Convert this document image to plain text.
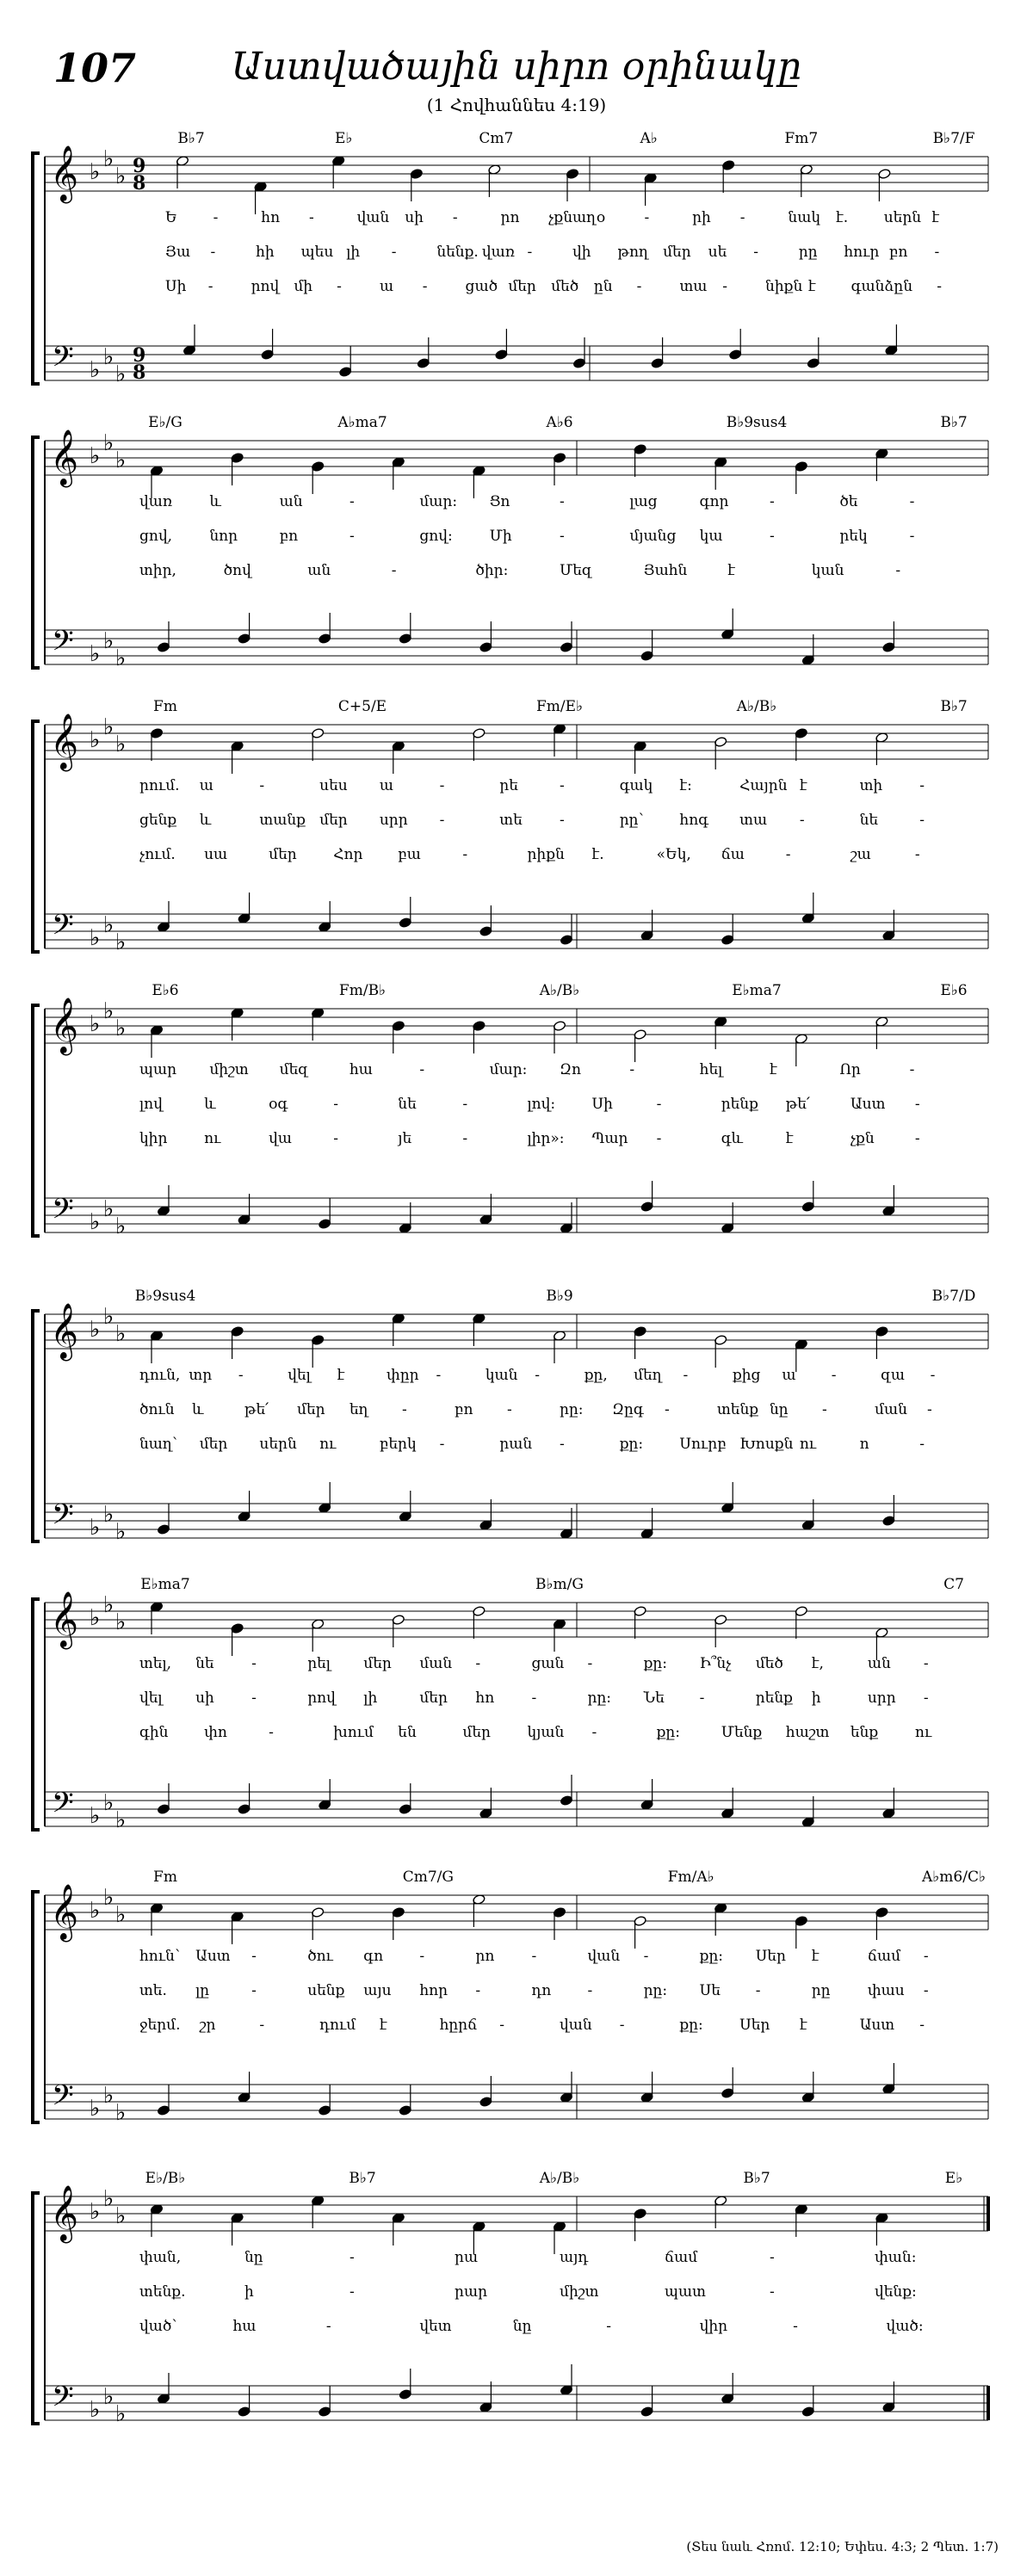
107	Աստվածային սիրո օրինակը
(1 Հովհաննես 4:19)
𝄞
𝄢
♭ ♭
♭
♭ ♭
♭
9
9
8
8
B♭7	E♭	Cm7	A♭	Fm7	B♭7/F
Ե -	հո -	վան սի -	րո չքնաղ օ	-	րի -	նակ է. սերն է
Յա -	հի պես լի -	նենք. վառ -	վի թող մեր սե -	րը հուր բո -
Սի -	րով մի -	ա -	ցած մեր մեծ ըն -	տա -	նիքն է գանձ ըն -
𝄞
𝄢
♭ ♭
♭
♭ ♭
♭
E♭/G	A♭ma7	A♭6	B♭9sus4	B♭7
վառ	և	ան	-	մար: Ցո	-	լաց	գոր	-	ծե	-
ցով,	նոր	բո	-	ցով:	Մի	-	մյանց կա	-	րեկ	-
տիր,	ծով	ան	-	ծիր:	Մեզ	Յահն	է	կան	-
𝄞
𝄢
♭ ♭
♭
♭ ♭
♭
Fm	C+5/E	Fm/E♭	A♭/B♭	B♭7
րում. ա	-	սես ա	-	րե	-	գակ է:	Հայրն է	տի	-
ցենք և	տանք մեր սրր -	տե	-	րը՝ հոգ տա -	նե	-
չում. սա	մեր Հոր բա	-	րիքն է.	«Եկ, ճա	-	շա	-
𝄞
𝄢
♭ ♭
♭
♭ ♭
♭
E♭6	Fm/B♭	A♭/B♭	E♭ma7	E♭6
պար միշտ մեզ	հա	-	մար: Զո	-	հել	է	Որ	-
լով	և	օգ	-	նե	-	լով: Սի	-	րենք թե՛	Աստ -
կիր	ու	վա	-	յե	-	լիր»: Պար -	գև	է	չքն	-
𝄞
𝄢
♭ ♭
♭
♭ ♭
♭
B♭9sus4	B♭9	B♭7/D
դուն, տր -	վել է	փըր -	կան -	քը, մեղ -	քից ա -	զա -
ծուն և	թե՛ մեր եղ -	բո -	րը: Զըգ -	տենք նը -	ման -
նաղ՝ մեր սերն ու	բերկ -	րան -	քը: Սուրբ Խոսքն ու	ո	-
𝄞
𝄢
♭ ♭
♭
♭ ♭
♭
E♭ma7	B♭m/G	C7
տել, նե	-	րել մեր ման -	ցան -	քը: Ի՞նչ մեծ է,	ան -
վել սի	-	րով լի	մեր հո	-	րը: Նե -	րենք ի	սրր -
գին փո	-	խում են	մեր կյան -	քը:	Մենք հաշտ ենք	ու
𝄞
𝄢
♭ ♭
♭
♭ ♭
♭
Fm	Cm7/G	Fm/A♭	A♭m6/C♭
հուն՝ Աստ -	ծու գո -	րո	-	վան -	քը: Սեր է	ճամ -
տե. լը	-	սենք այս հոր -	դո -	րը: Սե -	րը	փաս -
ջերմ. շր	-	դում է	հըրճ -	վան -	քը: Սեր է	Աստ -
𝄞
𝄢
♭ ♭
♭
♭ ♭
♭
E♭/B♭	B♭7	A♭/B♭	B♭7	E♭
փան,	նը	-	րա	այդ	ճամ	-	փան:
տենք.	ի	-	րար	միշտ	պատ	-	վենք:
ված՝	հա	-	վետ	նը	-	վիր	-	ված:
(Տես նաև Հռոմ. 12:10; Եփես. 4:3; 2 Պետ. 1:7)
